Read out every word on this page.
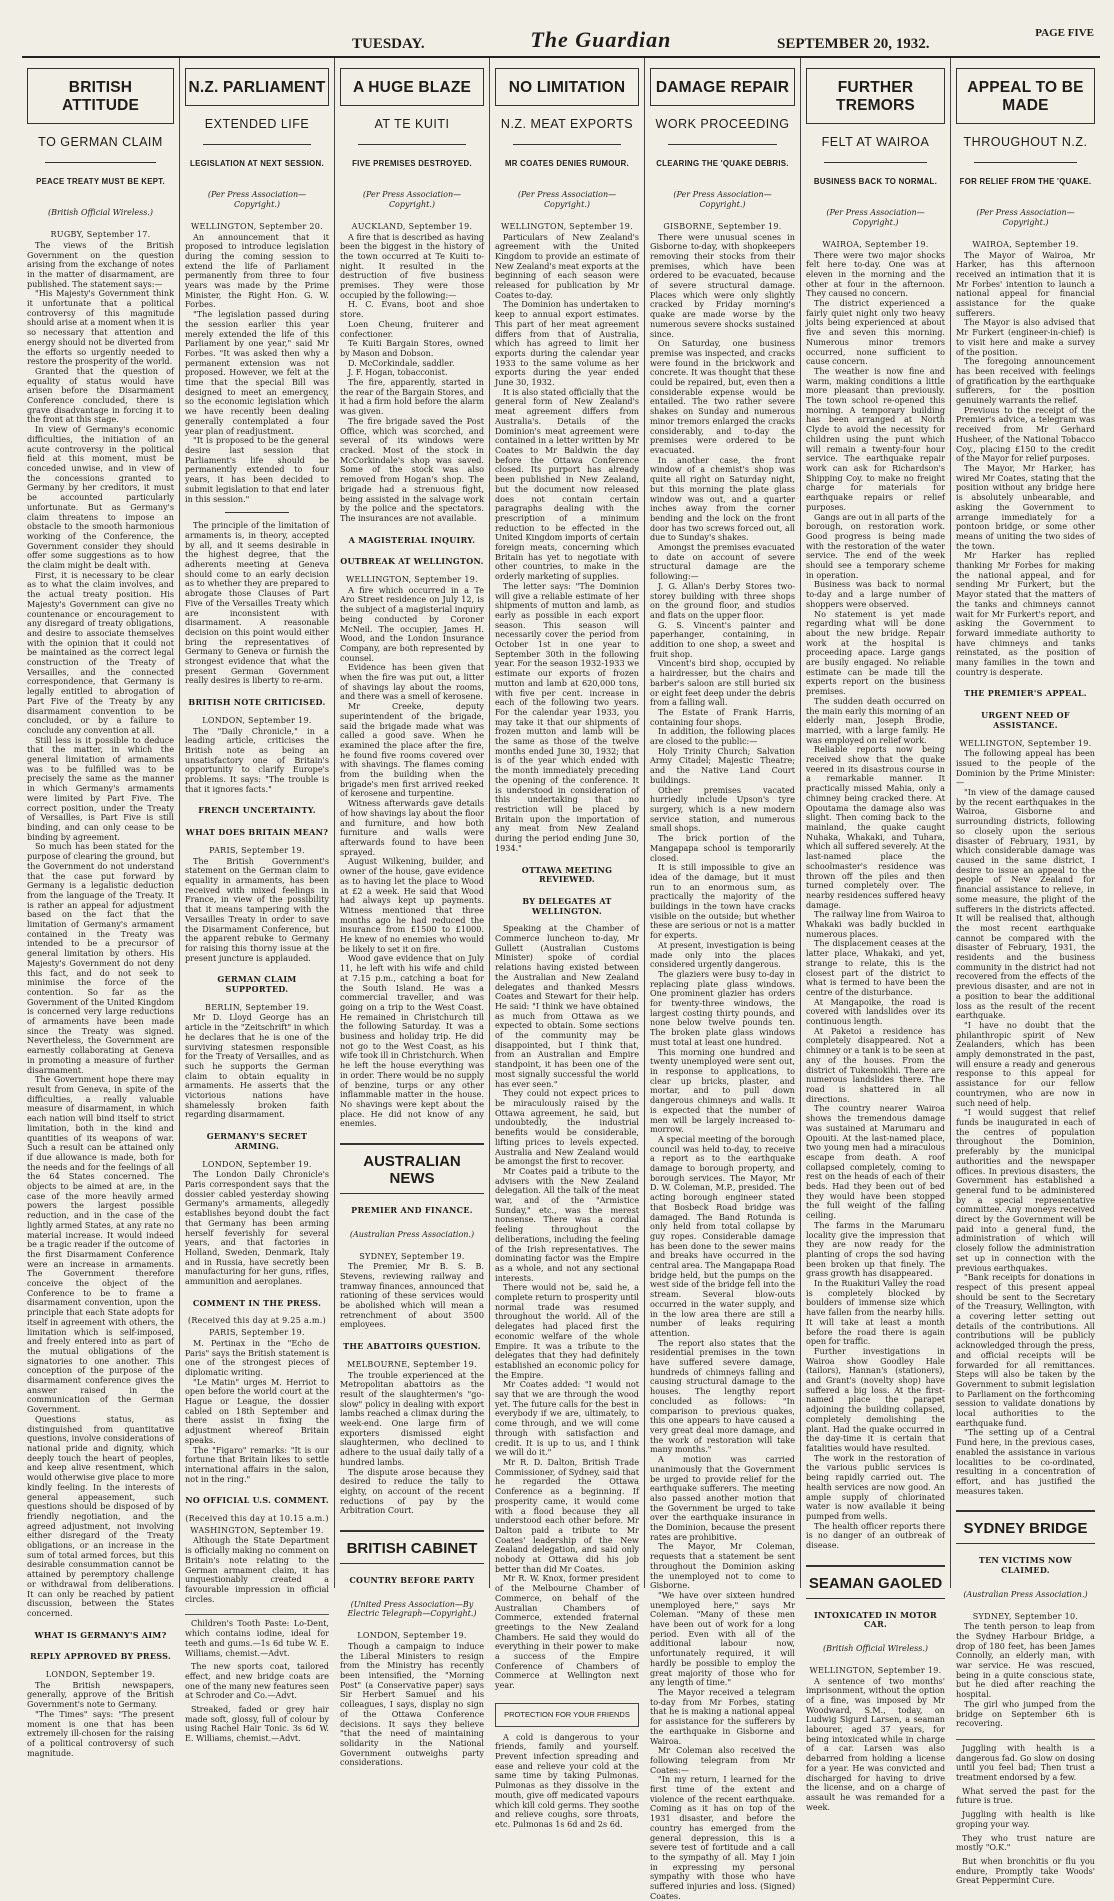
TUESDAY.	The Guardian	SEPTEMBER 20, 1932.
PAGE FIVE
BRITISH ATTITUDE
TO GERMAN CLAIM
PEACE TREATY MUST BE KEPT.
(British Official Wireless.)
RUGBY, September 17.

The views of the British Government on the question arising from the exchange of notes in the matter of disarmament, are published. The statement says:—

"His Majesty's Government think it unfortunate that a political controversy of this magnitude should arise at a moment when it is so necessary that attention and energy should not be diverted from the efforts so urgently needed to restore the prosperity of the world.

Granted that the question of equality of status would have arisen before the Disarmament Conference concluded, there is grave disadvantage in forcing it to the front at this stage.

In view of Germany's economic difficulties, the initiation of an acute controversy in the political field at this moment, must be conceded unwise, and in view of the concessions granted to Germany by her creditors, it must be accounted particularly unfortunate. But as Germany's claim threatens to impose an obstacle to the smooth harmonious working of the Conference, the Government consider they should offer some suggestions as to how the claim might be dealt with.

First, it is necessary to be clear as to what the claim involves, and the actual treaty position. His Majesty's Government can give no countenance or encouragement to any disregard of treaty obligations, and desire to associate themselves with the opinion that it could not be maintained as the correct legal construction of the Treaty of Versailles, and the connected correspondence, that Germany is legally entitled to abrogation of Part Five of the Treaty by any disarmament convention to be concluded, or by a failure to conclude any convention at all.

Still less is it possible to deduce that the matter, in which the general limitation of armaments was to be fulfilled was to be precisely the same as the manner in which Germany's armaments were limited by Part Five. The correct position, under the Treaty of Versailles, is Part Five is still binding, and can only cease to be binding by agreement.

So much has been stated for the purpose of clearing the ground, but the Government do not understand that the case put forward by Germany is a legalistic deduction from the language of the Treaty. It is rather an appeal for adjustment based on the fact that the limitation of Germany's armament contained in the Treaty was intended to be a precursor of general limitation by others. His Majesty's Government do not deny this fact, and do not seek to minimise the force of the contention. So far as the Government of the United Kingdom is concerned very large reductions of armaments have been made since the Treaty was signed. Nevertheless, the Government are earnestly collaborating at Geneva in promoting a measure of further disarmament.

The Government hope there may result from Geneva, in spite of the difficulties, a really valuable measure of disarmament, in which each nation will bind itself to strict limitation, both in the kind and quantities of its weapons of war. Such a result can be attained only if due allowance is made, both for the needs and for the feelings of all the 64 States concerned. The objects to be aimed at are, in the case of the more heavily armed powers the largest possible reduction, and in the case of the lightly armed States, at any rate no material increase. It would indeed be a tragic reader if the outcome of the first Disarmament Conference were an increase in armaments. The Government therefore conceive the object of the Conference to be to frame a disarmament convention, upon the principle that each State adopts for itself in agreement with others, the limitation which is self-imposed, and freely entered into as part of the mutual obligations of the signatories to one another. This conception of the purpose of the disarmament conference gives the answer raised in the communication of the German Government.

Questions status, as distinguished from quantitative questions, involve considerations of national pride and dignity, which deeply touch the heart of peoples, and keep alive resentment, which would otherwise give place to more kindly feeling. In the interests of general appeasement, such questions should be disposed of by friendly negotiation, and the agreed adjustment, not involving either disregard of the Treaty obligations, or an increase in the sum of total armed forces, but this desirable consummation cannot be attained by peremptory challenge or withdrawal from deliberations. It can only be reached by patient discussion, between the States concerned.

WHAT IS GERMANY'S AIM?
REPLY APPROVED BY PRESS.
LONDON, September 19.

The British newspapers, generally, approve of the British Government's note to Germany.

"The Times" says: "The present moment is one that has been extremely ill-chosen for the raising of a political controversy of such magnitude.

N.Z. PARLIAMENT
EXTENDED LIFE
LEGISLATION AT NEXT SESSION.
(Per Press Association— Copyright.)
WELLINGTON, September 20.

An announcement that it proposed to introduce legislation during the coming session to extend the life of Parliament permanently from three to four years was made by the Prime Minister, the Right Hon. G. W. Forbes.

"The legislation passed during the session earlier this year merely extended the life of this Parliament by one year," said Mr Forbes. "It was asked then why a permanent extension was not proposed. However, we felt at the time that the special Bill was designed to meet an emergency, so the economic legislation which we have recently been dealing generally contemplated a four year plan of readjustment.

"It is proposed to be the general desire last session that Parliament's life should be permanently extended to four years, it has been decided to submit legislation to that end later in this session."

The principle of the limitation of armaments is, in theory, accepted by all, and it seems desirable in the highest degree, that the adherents meeting at Geneva should come to an early decision as to whether they are prepared to abrogate those Clauses of Part Five of the Versailles Treaty which are inconsistent with disarmament. A reasonable decision on this point would either bring the representatives of Germany to Geneva or furnish the strongest evidence that what the present German Government really desires is liberty to re-arm.

BRITISH NOTE CRITICISED.
LONDON, September 19.

The "Daily Chronicle," in a leading article, criticises the British note as being an unsatisfactory one of Britain's opportunity to clarify Europe's problems. It says: "The trouble is that it ignores facts."

FRENCH UNCERTAINTY.
WHAT DOES BRITAIN MEAN?
PARIS, September 19.

The British Government's statement on the German claim to equality in armaments, has been received with mixed feelings in France, in view of the possibility that it means tampering with the Versailles Treaty in order to save the Disarmament Conference, but the apparent rebuke to Germany for raising this thorny issue at the present juncture is applauded.

GERMAN CLAIM SUPPORTED.
BERLIN, September 19.

Mr D. Lloyd George has an article in the "Zeitschrift" in which he declares that he is one of the surviving statesmen responsible for the Treaty of Versailles, and as such he supports the German claim to obtain equality in armaments. He asserts that the victorious nations have shamelessly broken faith regarding disarmament.

GERMANY'S SECRET ARMING.
LONDON, September 19.

The London Daily Chronicle's Paris correspondent says that the dossier cabled yesterday showing Germany's armaments, allegedly establishes beyond doubt the fact that Germany has been arming herself feverishly for several years, and that factories in Holland, Sweden, Denmark, Italy and in Russia, have secretly been manufacturing for her guns, rifles, ammunition and aeroplanes.

COMMENT IN THE PRESS.
(Received this day at 9.25 a.m.)
PARIS, September 19.

M. Pertinax in the "Echo de Paris" says the British statement is one of the strongest pieces of diplomatic writing.

"Le Matin" urges M. Herriot to open before the world court at the Hague or League, the dossier cabled on 18th September and there assist in fixing the adjustment whereof Britain speaks.

The "Figaro" remarks: "It is our fortune that Britain likes to settle international affairs in the salon, not in the ring."

NO OFFICIAL U.S. COMMENT.
(Received this day at 10.15 a.m.)
WASHINGTON, September 19.

Although the State Department is officially making no comment on Britain's note relating to the German armament claim, it has unquestionably created a favourable impression in official circles.

Children's Tooth Paste: Lo-Dent, which contains iodine, ideal for teeth and gums.—1s 6d tube W. E. Williams, chemist.—Advt.

The new sports coat, tailored effect, and new bridge coats are one of the many new features seen at Schroder and Co.—Advt.

Streaked, faded or grey hair made soft, glossy, full of colour by using Rachel Hair Tonic. 3s 6d W. E. Williams, chemist.—Advt.

A HUGE BLAZE
AT TE KUITI
FIVE PREMISES DESTROYED.
(Per Press Association— Copyright.)
AUCKLAND, September 19.

A fire that is described as having been the biggest in the history of the town occurred at Te Kuiti to-night. It resulted in the destruction of five business premises. They were those occupied by the following:—

H. C. Evans, boot and shoe store.

Loen Cheung, fruiterer and confectioner.

Te Kuiti Bargain Stores, owned by Mason and Dobson.

D. McCorkindale, saddler.

J. F. Hogan, tobacconist.

The fire, apparently, started in the rear of the Bargain Stores, and it had a firm hold before the alarm was given.

The fire brigade saved the Post Office, which was scorched, and several of its windows were cracked. Most of the stock in McCorkindale's shop was saved. Some of the stock was also removed from Hogan's shop. The brigade had a strenuous fight, being assisted in the salvage work by the police and the spectators. The insurances are not available.

A MAGISTERIAL INQUIRY.
OUTBREAK AT WELLINGTON.
WELLINGTON, September 19.

A fire which occurred in a Te Aro Street residence on July 12, is the subject of a magisterial inquiry being conducted by Coroner McNeil. The occupier, James H. Wood, and the London Insurance Company, are both represented by counsel.

Evidence has been given that when the fire was put out, a litter of shavings lay about the rooms, and there was a smell of kerosene.

Mr Creeke, deputy superintendent of the brigade, said the brigade made what was called a good save. When he examined the place after the fire, he found five rooms covered over with shavings. The flames coming from the building when the brigade's men first arrived reeked of kerosene and turpentine.

Witness afterwards gave details of how shavings lay about the floor and furniture, and how both furniture and walls were afterwards found to have been sprayed.

August Wilkening, builder, and owner of the house, gave evidence as to having let the place to Wood at £2 a week. He said that Wood had always kept up payments. Witness mentioned that three months ago he had reduced the insurance from £1500 to £1000. He knew of no enemies who would be likely to set it on fire.

Wood gave evidence that on July 11, he left with his wife and child at 7.15 p.m., catching a boat for the South Island. He was a commercial traveller, and was going on a trip to the West Coast. He remained in Christchurch till the following Saturday. It was a business and holiday trip. He did not go to the West Coast, as his wife took ill in Christchurch. When he left the house everything was in order. There would be no supply of benzine, turps or any other inflammable matter in the house. No shavings were kept about the place. He did not know of any enemies.

AUSTRALIAN NEWS
PREMIER AND FINANCE.
(Australian Press Association.)
SYDNEY, September 19.

The Premier, Mr B. S. B. Stevens, reviewing railway and tramway finances, announced that rationing of these services would be abolished which will mean a retrenchment of about 3500 employees.

THE ABATTOIRS QUESTION.
MELBOURNE, September 19.

The trouble experienced at the Metropolitan abattoirs as the result of the slaughtermen's "go-slow" policy in dealing with export lambs reached a climax during the week-end. One large firm of exporters dismissed eight slaughtermen, who declined to adhere to the usual daily tally of a hundred lambs.

The dispute arose because they desired to reduce the tally to eighty, on account of the recent reductions of pay by the Arbitration Court.

BRITISH CABINET
COUNTRY BEFORE PARTY
(United Press Association—By Electric Telegraph—Copyright.)
LONDON, September 19.

Though a campaign to induce the Liberal Ministers to resign from the Ministry has recently been intensified, the "Morning Post" (a Conservative paper) says Sir Herbert Samuel and his colleagues, I says, display no sign of the Ottawa Conference decisions. It says they believe "that the need of maintaining solidarity in the National Government outweighs party considerations.

NO LIMITATION
N.Z. MEAT EXPORTS
MR COATES DENIES RUMOUR.
(Per Press Association— Copyright.)
WELLINGTON, September 19.

Particulars of New Zealand's agreement with the United Kingdom to provide an estimate of New Zealand's meat exports at the beginning of each season were released for publication by Mr Coates to-day.

The Dominion has undertaken to keep to annual export estimates. This part of her meat agreement differs from that of Australia, which has agreed to limit her exports during the calendar year 1933 to the same volume as her exports during the year ended June 30, 1932.

It is also stated officially that the general form of New Zealand's meat agreement differs from Australia's. Details of the Dominion's meat agreement were contained in a letter written by Mr Coates to Mr Baldwin the day before the Ottawa Conference closed. Its purport has already been published in New Zealand, but the document now released does not contain certain paragraphs dealing with the prescription of a minimum reduction to be effected in the United Kingdom imports of certain foreign meats, concerning which Britain has yet to negotiate with other countries, to make in the orderly marketing of supplies.

The letter says: "The Dominion will give a reliable estimate of her shipments of mutton and lamb, as early as possible in each export season. This season will necessarily cover the period from October 1st in one year to September 30th in the following year. For the season 1932-1933 we estimate our exports of frozen mutton and lamb at 620,000 tons, with five per cent. increase in each of the following two years. For the calendar year 1933, you may take it that our shipments of frozen mutton and lamb will be the same as those of the twelve months ended June 30, 1932; that is of the year which ended with the month immediately preceding the opening of the conference. It is understood in consideration of this undertaking that no restriction will be placed by Britain upon the importation of any meat from New Zealand during the period ending June 30, 1934."

OTTAWA MEETING REVIEWED.
BY DELEGATES AT WELLINGTON.

Speaking at the Chamber of Commerce luncheon to-day, Mr Gullett (Australian Customs Minister) spoke of cordial relations having existed between the Australian and New Zealand delegates and thanked Messrs Coates and Stewart for their help. He said: "I think we have obtained as much from Ottawa as we expected to obtain. Some sections of the community may be disappointed, but I think that, from an Australian and Empire standpoint, it has been one of the most signally successful the world has ever seen."

They could not expect prices to be miraculously raised by the Ottawa agreement, he said, but undoubtedly, the industrial benefits would be considerable, lifting prices to levels expected. Australia and New Zealand would be amongst the first to recover.

Mr Coates paid a tribute to the advisers with the New Zealand delegation. All the talk of the meat war, and of the "Armistice Sunday," etc., was the merest nonsense. There was a cordial feeling throughout the deliberations, including the feeling of the Irish representatives. The dominating factor was the Empire as a whole, and not any sectional interests.

There would not be, said he, a complete return to prosperity until normal trade was resumed throughout the world. All of the delegates had placed first the economic welfare of the whole Empire. It was a tribute to the delegates that they had definitely established an economic policy for the Empire.

Mr Coates added: "I would not say that we are through the wood yet. The future calls for the best in everybody if we are, ultimately, to come through, and we will come through with satisfaction and credit. It is up to us, and I think we will do it."

Mr R. D. Dalton, British Trade Commissioner, of Sydney, said that he regarded the Ottawa Conference as a beginning. If prosperity came, it would come with a flood because they all understood each other before. Mr Dalton paid a tribute to Mr Coates' leadership of the New Zealand delegation, and said only nobody at Ottawa did his job better than did Mr Coates.

Mr R. W. Knox, former president of the Melbourne Chamber of Commerce, on behalf of the Australian Chambers of Commerce, extended fraternal greetings to the New Zealand Chambers. He said they would do everything in their power to make a success of the Empire Conference of Chambers of Commerce at Wellington next year.

PROTECTION FOR YOUR FRIENDS

A cold is dangerous to your friends, family and yourself. Prevent infection spreading and ease and relieve your cold at the same time by taking Pulmonas. Pulmonas as they dissolve in the mouth, give off medicated vapours which kill cold germs. They soothe and relieve coughs, sore throats, etc. Pulmonas 1s 6d and 2s 6d.

DAMAGE REPAIR
WORK PROCEEDING
CLEARING THE 'QUAKE DEBRIS.
(Per Press Association— Copyright.)
GISBORNE, September 19.

There were unusual scenes in Gisborne to-day, with shopkeepers removing their stocks from their premises, which have been ordered to be evacuated, because of severe structural damage. Places which were only slightly cracked by Friday morning's quake are made worse by the numerous severe shocks sustained since.

On Saturday, one business premise was inspected, and cracks were found in the brickwork and concrete. It was thought that these could be repaired, but, even then a considerable expense would be entailed. The two rather severe shakes on Sunday and numerous minor tremors enlarged the cracks considerably, and to-day the premises were ordered to be evacuated.

In another case, the front window of a chemist's shop was quite all right on Saturday night, but this morning the plate glass window was out, and a quarter inches away from the corner bending and the lock on the front door has two screws forced out, all due to Sunday's shakes.

Amongst the premises evacuated to date on account of severe structural damage are the following:—

J. G. Allan's Derby Stores two-storey building with three shops on the ground floor, and studios and flats on the upper floor.

G. S. Vincent's painter and paperhanger, containing, in addition to one shop, a sweet and fruit shop.

Vincent's bird shop, occupied by a hairdresser, but the chairs and barber's saloon are still buried six or eight feet deep under the debris from a falling wall.

The Estate of Frank Harris, containing four shops.

In addition, the following places are closed to the public:—

Holy Trinity Church; Salvation Army Citadel; Majestic Theatre; and the Native Land Court buildings.

Other premises vacated hurriedly include Upson's tyre surgery, which is a new modern service station, and numerous small shops.

The brick portion of the Mangapapa school is temporarily closed.

It is still impossible to give an idea of the damage, but it must run to an enormous sum, as practically the majority of the buildings in the town have cracks visible on the outside; but whether these are serious or not is a matter for experts.

At present, investigation is being made only into the places considered urgently dangerous.

The glaziers were busy to-day in replacing plate glass windows. One prominent glazier has orders for twenty-three windows, the largest costing thirty pounds, and none below twelve pounds ten. The broken plate glass windows must total at least one hundred.

This morning one hundred and twenty unemployed were sent out, in response to applications, to clear up bricks, plaster, and mortar, and to pull down dangerous chimneys and walls. It is expected that the number of men will be largely increased to-morrow.

A special meeting of the borough council was held to-day, to receive a report as to the earthquake damage to borough property, and borough services. The Mayor, Mr D. W. Coleman, M.P., presided. The acting borough engineer stated that Bosbeck Road bridge was damaged. The Band Rotunda is only held from total collapse by guy ropes. Considerable damage has been done to the sewer mains and breaks have occurred in the central area. The Mangapapa Road bridge held, but the pumps on the west side of the bridge fell into the stream. Several blow-outs occurred in the water supply, and in the low area there are still a number of leaks requiring attention.

The report also states that the residential premises in the town have suffered severe damage, hundreds of chimneys falling and causing structural damage to the houses. The lengthy report concluded as follows: "In comparison to previous quakes, this one appears to have caused a very great deal more damage, and the work of restoration will take many months."

A motion was carried unanimously that the Government be urged to provide relief for the earthquake sufferers. The meeting also passed another motion that the Government be urged to take over the earthquake insurance in the Dominion, because the present rates are prohibitive.

The Mayor, Mr Coleman, requests that a statement be sent throughout the Dominion asking the unemployed not to come to Gisborne.

"We have over sixteen hundred unemployed here," says Mr Coleman. "Many of these men have been out of work for a long period. Even with all of the additional labour now, unfortunately required, it will hardly be possible to employ the great majority of those who for any length of time."

The Mayor received a telegram to-day from Mr Forbes, stating that he is making a national appeal for assistance for the sufferers by the earthquake in Gisborne and Wairoa.

Mr Coleman also received the following telegram from Mr Coates:—

"In my return, I learned for the first time of the extent and violence of the recent earthquake. Coming as it has on top of the 1931 disaster, and before the country has emerged from the general depression, this is a severe test of fortitude and a call to the sympathy of all. May I join in expressing my personal sympathy with those who have suffered injuries and loss. (Signed) Coates.

FURTHER TREMORS
FELT AT WAIROA
BUSINESS BACK TO NORMAL.
(Per Press Association— Copyright.)
WAIROA, September 19.

There were two major shocks felt here to-day. One was at eleven in the morning and the other at four in the afternoon. They caused no concern.

The district experienced a fairly quiet night only two heavy jolts being experienced at about five and seven this morning. Numerous minor tremors occurred, none sufficient to cause concern.

The weather is now fine and warm, making conditions a little more pleasant than previously. The town school re-opened this morning. A temporary building has been arranged at North Clyde to avoid the necessity for children using the punt which will remain a twenty-four hour service. The earthquake repair work can ask for Richardson's Shipping Coy. to make no freight charge for materials for earthquake repairs or relief purposes.

Gangs are out in all parts of the borough, on restoration work. Good progress is being made with the restoration of the water service. The end of the week should see a temporary scheme in operation.

Business was back to normal to-day and a large number of shoppers were observed.

No statement is yet made regarding what will be done about the new bridge. Repair work at the hospital is proceeding apace. Large gangs are busily engaged. No reliable estimate can be made till the experts report on the business premises.

The sudden death occurred on the main early this morning of an elderly man, Joseph Brodie, married, with a large family. He was employed on relief work.

Reliable reports now being received show that the quake veered in its disastrous course in a remarkable manner. It practically missed Mahia, only a chimney being cracked there. At Opoutama the damage also was slight. Then coming back to the mainland, the quake caught Nuhaka, Whakaki, and Tuhara, which all suffered severely. At the last-named place the schoolmaster's residence was thrown off the piles and then turned completely over. The nearby residences suffered heavy damage.

The railway line from Wairoa to Whakaki was badly buckled in numerous places.

The displacement ceases at the latter place, Whakaki, and yet, strange to relate, this is the closest part of the district to what is termed to have been the centre of the disturbance.

At Mangapoike, the road is covered with landslides over its continuous length.

At Paketoi a residence has completely disappeared. Not a chimney or a tank is to be seen at any of the houses. From the district of Tukemokihi. There are numerous landslides there. The road is shattered in all directions.

The country nearer Wairoa shows the tremendous damage was sustained at Marumaru and Opouiti. At the last-named place, two young men had a miraculous escape from death. A roof collapsed completely, coming to rest on the heads of each of their beds. Had they been out of bed they would have been stopped the full weight of the falling ceiling.

The farms in the Marumaru locality give the impression that they are now ready for the planting of crops the sod having been broken up that finely. The grass growth has disappeared.

In the Ruakituri Valley the road is completely blocked by boulders of immense size which have fallen from the nearby hills. It will take at least a month before the road there is again open for traffic.

Further investigations in Wairoa show Goodley Hale (tailors), Hannan's (stationers), and Grant's (novelty shop) have suffered a big loss. At the first-named place the parapet adjoining the building collapsed, completely demolishing the plant. Had the quake occurred in the day-time it is certain that fatalities would have resulted.

The work in the restoration of the various public services is being rapidly carried out. The health services are now good. An ample supply of chlorinated water is now available it being pumped from wells.

The health officer reports there is no danger of an outbreak of disease.

SEAMAN GAOLED
INTOXICATED IN MOTOR CAR.
(British Official Wireless.)
WELLINGTON, September 19.

A sentence of two months' imprisonment, without the option of a fine, was imposed by Mr Woodward, S.M., today, on Ludwig Sigurd Larsen, a seaman labourer, aged 37 years, for being intoxicated while in charge of a car. Larsen was also debarred from holding a license for a year. He was convicted and discharged for having to drive the license, and on a charge of assault he was remanded for a week.

APPEAL TO BE MADE
THROUGHOUT N.Z.
FOR RELIEF FROM THE 'QUAKE.
(Per Press Association— Copyright.)
WAIROA, September 19.

The Mayor of Wairoa, Mr Harker, has this afternoon received an intimation that it is Mr Forbes' intention to launch a national appeal for financial assistance for the quake sufferers.

The Mayor is also advised that Mr Furkert (engineer-in-chief) is to visit here and make a survey of the position.

The foregoing announcement has been received with feelings of gratification by the earthquake sufferers, for the position genuinely warrants the relief.

Previous to the receipt of the Premier's advice, a telegram was received from Mr Gerhard Husheer, of the National Tobacco Coy., placing £150 to the credit of the Mayor for relief purposes.

The Mayor, Mr Harker, has wired Mr Coates, stating that the position without any bridge here is absolutely unbearable, and asking the Government to arrange immediately for a pontoon bridge, or some other means of uniting the two sides of the town.

Mr Harker has replied thanking Mr Forbes for making the national appeal, and for sending Mr Furkert, but the Mayor stated that the matters of the tanks and chimneys cannot wait for Mr Furkert's report, and asking the Government to forward immediate authority to have chimneys and tanks reinstated, as the position of many families in the town and country is desperate.

THE PREMIER'S APPEAL.
URGENT NEED OF ASSISTANCE.
WELLINGTON, September 19.

The following appeal has been issued to the people of the Dominion by the Prime Minister:—

"In view of the damage caused by the recent earthquakes in the Wairoa, Gisborne and surrounding districts, following so closely upon the serious disaster of February, 1931, by which considerable damage was caused in the same district, I desire to issue an appeal to the people of New Zealand for financial assistance to relieve, in some measure, the plight of the sufferers in the districts affected. It will be realised that, although the most recent earthquake cannot be compared with the disaster of February, 1931, the residents and the business community in the district had not recovered from the effects of the previous disaster, and are not in a position to bear the additional loss as the result of the recent earthquake.

"I have no doubt that the philanthropic spirit of New Zealanders, which has been amply demonstrated in the past, will ensure a ready and generous response to this appeal for assistance for our fellow countrymen, who are now in such need of help.

"I would suggest that relief funds be inaugurated in each of the centres of population throughout the Dominion, preferably by the municipal authorities and the newspaper offices. In previous disasters, the Government has established a general fund to be administered by a special representative committee. Any moneys received direct by the Government will be paid into a general fund, the administration of which will closely follow the administration set up in connection with the previous earthquakes.

"Bank receipts for donations in respect of this present appeal should be sent to the Secretary of the Treasury, Wellington, with a covering letter setting out details of the contributions. All contributions will be publicly acknowledged through the press, and official receipts will be forwarded for all remittances. Steps will also be taken by the Government to submit legislation to Parliament on the forthcoming session to validate donations by local authorities to the earthquake fund.

"The setting up of a Central Fund here, in the previous cases, enabled the assistance in various localities to be co-ordinated, resulting in a concentration of effort, and has justified the measures taken.

SYDNEY BRIDGE
TEN VICTIMS NOW CLAIMED.
(Australian Press Association.)
SYDNEY, September 10.

The tenth person to leap from the Sydney Harbour Bridge, a drop of 180 feet, has been James Connolly, an elderly man, with war service. He was rescued, being in a quite conscious state, but he died after reaching the hospital.

The girl who jumped from the bridge on September 6th is recovering.

Juggling with health is a dangerous fad. Go slow on dosing until you feel bad; Then trust a treatment endorsed by a few.

What served the past for the future is true.

Juggling with health is like groping your way.

They who trust nature are mostly "O.K."

But when bronchitis or flu you endure, Promptly take Woods' Great Peppermint Cure.
